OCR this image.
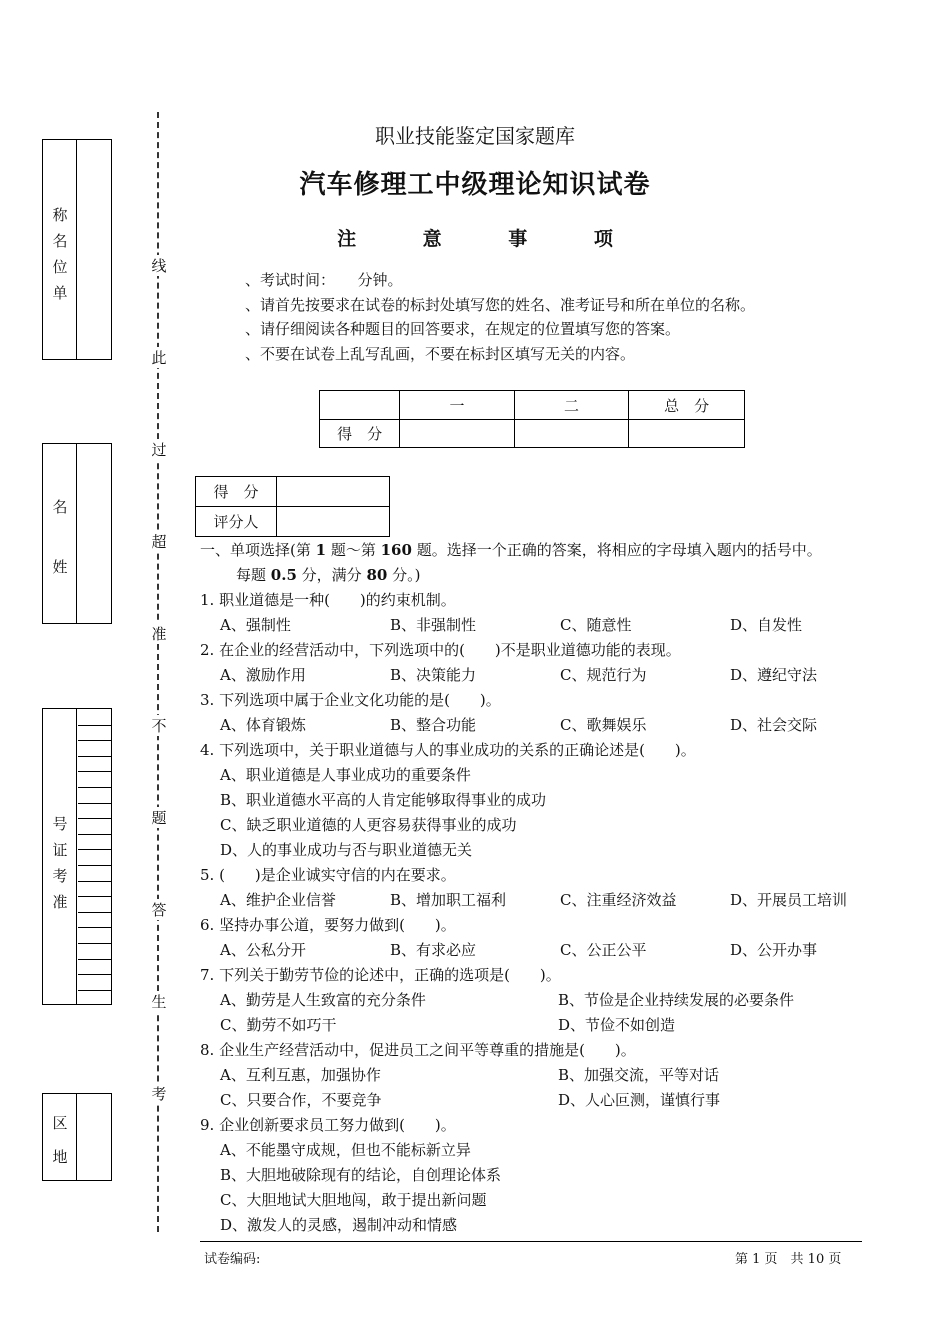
称
名
位
单
名
姓
号
证
考
准
区
地
线
此
过
超
准
不
题
答
生
考
职业技能鉴定国家题库
汽车修理工中级理论知识试卷
注 意 事 项
、考试时间：　　分钟。
、请首先按要求在试卷的标封处填写您的姓名、准考证号和所在单位的名称。
、请仔细阅读各种题目的回答要求，在规定的位置填写您的答案。
、不要在试卷上乱写乱画，不要在标封区填写无关的内容。
	一	二	总　分
得　分			
得　分	
评分人	
一、单项选择(第 1 题～第 160 题。选择一个正确的答案，将相应的字母填入题内的括号中。
每题 0.5 分，满分 80 分。)
1. 职业道德是一种(　　)的约束机制。
A、强制性	B、非强制性	C、随意性	D、自发性
2. 在企业的经营活动中，下列选项中的(　　)不是职业道德功能的表现。
A、激励作用	B、决策能力	C、规范行为	D、遵纪守法
3. 下列选项中属于企业文化功能的是(　　)。
A、体育锻炼	B、整合功能	C、歌舞娱乐	D、社会交际
4. 下列选项中，关于职业道德与人的事业成功的关系的正确论述是(　　)。
A、职业道德是人事业成功的重要条件
B、职业道德水平高的人肯定能够取得事业的成功
C、缺乏职业道德的人更容易获得事业的成功
D、人的事业成功与否与职业道德无关
5. (　　)是企业诚实守信的内在要求。
A、维护企业信誉	B、增加职工福利	C、注重经济效益	D、开展员工培训
6. 坚持办事公道，要努力做到(　　)。
A、公私分开	B、有求必应	C、公正公平	D、公开办事
7. 下列关于勤劳节俭的论述中，正确的选项是(　　)。
A、勤劳是人生致富的充分条件	B、节俭是企业持续发展的必要条件
C、勤劳不如巧干	D、节俭不如创造
8. 企业生产经营活动中，促进员工之间平等尊重的措施是(　　)。
A、互利互惠，加强协作	B、加强交流，平等对话
C、只要合作，不要竞争	D、人心叵测，谨慎行事
9. 企业创新要求员工努力做到(　　)。
A、不能墨守成规，但也不能标新立异
B、大胆地破除现有的结论，自创理论体系
C、大胆地试大胆地闯，敢于提出新问题
D、激发人的灵感，遏制冲动和情感
试卷编码:	第 1 页　共 10 页
